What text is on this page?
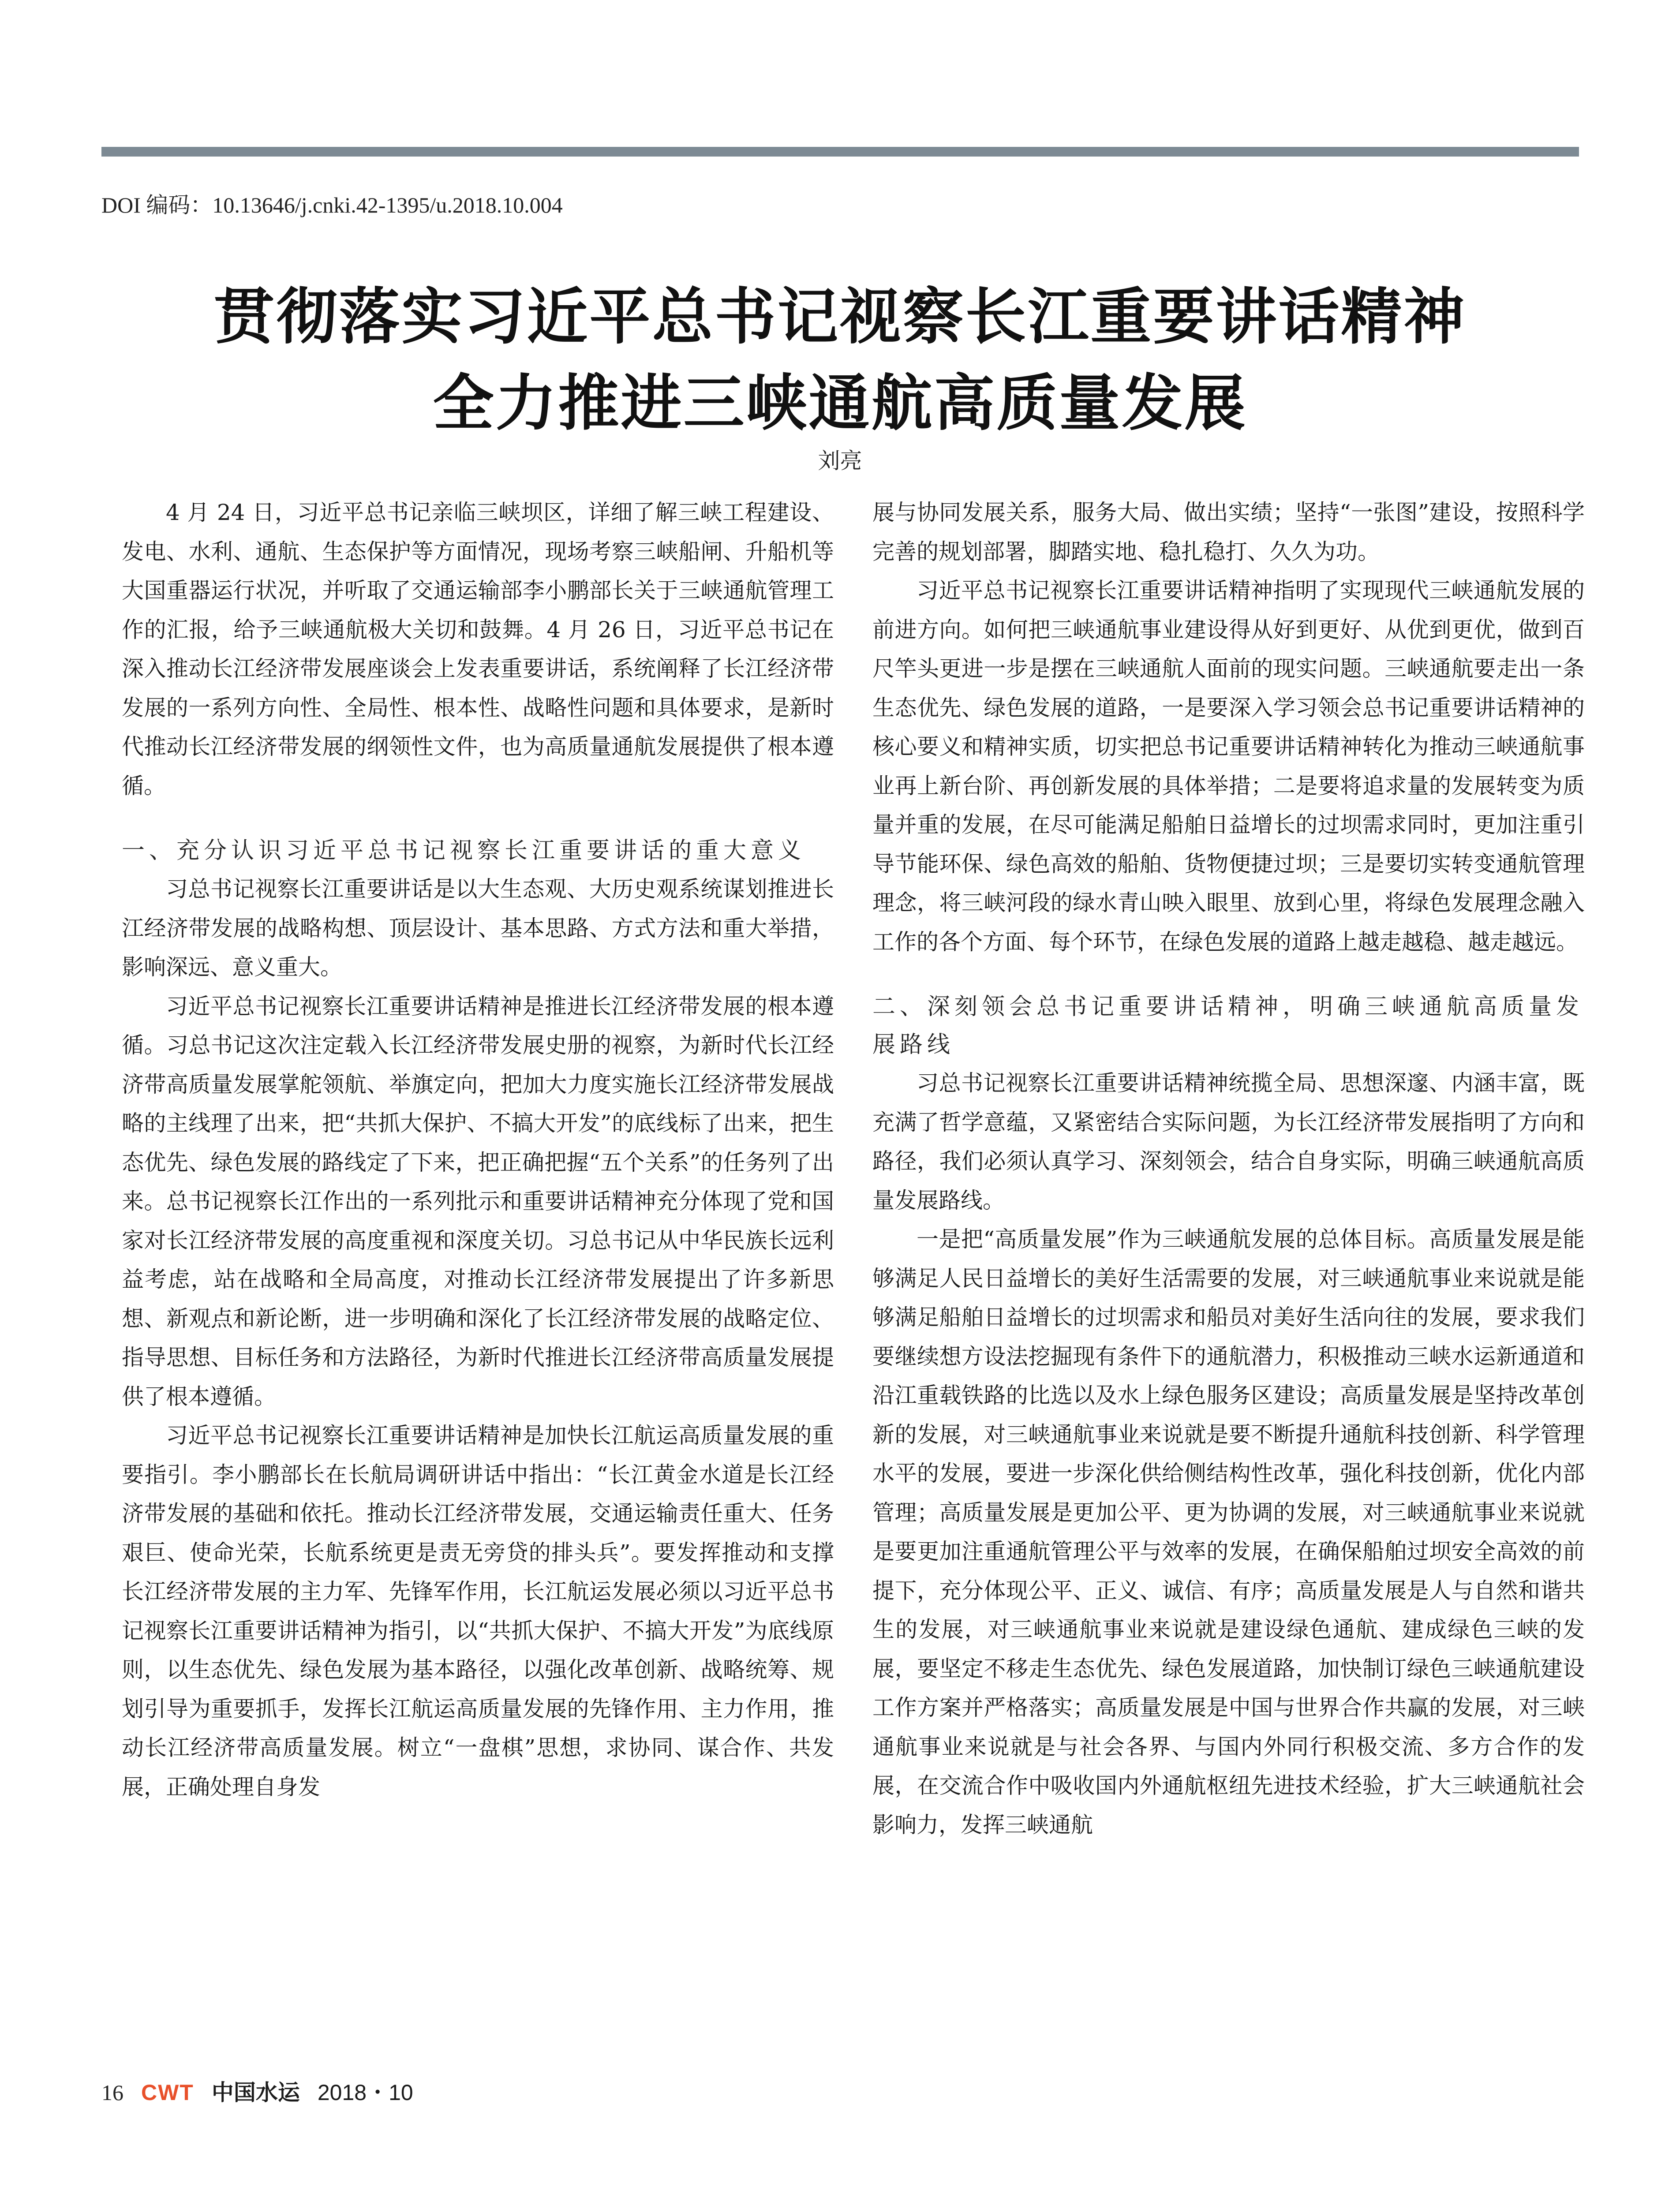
DOI 编码：10.13646/j.cnki.42-1395/u.2018.10.004
贯彻落实习近平总书记视察长江重要讲话精神
全力推进三峡通航高质量发展
刘亮

4 月 24 日，习近平总书记亲临三峡坝区，详细了解三峡工程建设、发电、水利、通航、生态保护等方面情况，现场考察三峡船闸、升船机等大国重器运行状况，并听取了交通运输部李小鹏部长关于三峡通航管理工作的汇报，给予三峡通航极大关切和鼓舞。4 月 26 日，习近平总书记在深入推动长江经济带发展座谈会上发表重要讲话，系统阐释了长江经济带发展的一系列方向性、全局性、根本性、战略性问题和具体要求，是新时代推动长江经济带发展的纲领性文件，也为高质量通航发展提供了根本遵循。

一、充分认识习近平总书记视察长江重要讲话的重大意义

习总书记视察长江重要讲话是以大生态观、大历史观系统谋划推进长江经济带发展的战略构想、顶层设计、基本思路、方式方法和重大举措，影响深远、意义重大。

习近平总书记视察长江重要讲话精神是推进长江经济带发展的根本遵循。习总书记这次注定载入长江经济带发展史册的视察，为新时代长江经济带高质量发展掌舵领航、举旗定向，把加大力度实施长江经济带发展战略的主线理了出来，把“共抓大保护、不搞大开发”的底线标了出来，把生态优先、绿色发展的路线定了下来，把正确把握“五个关系”的任务列了出来。总书记视察长江作出的一系列批示和重要讲话精神充分体现了党和国家对长江经济带发展的高度重视和深度关切。习总书记从中华民族长远利益考虑，站在战略和全局高度，对推动长江经济带发展提出了许多新思想、新观点和新论断，进一步明确和深化了长江经济带发展的战略定位、指导思想、目标任务和方法路径，为新时代推进长江经济带高质量发展提供了根本遵循。

习近平总书记视察长江重要讲话精神是加快长江航运高质量发展的重要指引。李小鹏部长在长航局调研讲话中指出：“长江黄金水道是长江经济带发展的基础和依托。推动长江经济带发展，交通运输责任重大、任务艰巨、使命光荣，长航系统更是责无旁贷的排头兵”。要发挥推动和支撑长江经济带发展的主力军、先锋军作用，长江航运发展必须以习近平总书记视察长江重要讲话精神为指引，以“共抓大保护、不搞大开发”为底线原则，以生态优先、绿色发展为基本路径，以强化改革创新、战略统筹、规划引导为重要抓手，发挥长江航运高质量发展的先锋作用、主力作用，推动长江经济带高质量发展。树立“一盘棋”思想，求协同、谋合作、共发展，正确处理自身发

展与协同发展关系，服务大局、做出实绩；坚持“一张图”建设，按照科学完善的规划部署，脚踏实地、稳扎稳打、久久为功。

习近平总书记视察长江重要讲话精神指明了实现现代三峡通航发展的前进方向。如何把三峡通航事业建设得从好到更好、从优到更优，做到百尺竿头更进一步是摆在三峡通航人面前的现实问题。三峡通航要走出一条生态优先、绿色发展的道路，一是要深入学习领会总书记重要讲话精神的核心要义和精神实质，切实把总书记重要讲话精神转化为推动三峡通航事业再上新台阶、再创新发展的具体举措；二是要将追求量的发展转变为质量并重的发展，在尽可能满足船舶日益增长的过坝需求同时，更加注重引导节能环保、绿色高效的船舶、货物便捷过坝；三是要切实转变通航管理理念，将三峡河段的绿水青山映入眼里、放到心里，将绿色发展理念融入工作的各个方面、每个环节，在绿色发展的道路上越走越稳、越走越远。

二、深刻领会总书记重要讲话精神，明确三峡通航高质量发展路线

习总书记视察长江重要讲话精神统揽全局、思想深邃、内涵丰富，既充满了哲学意蕴，又紧密结合实际问题，为长江经济带发展指明了方向和路径，我们必须认真学习、深刻领会，结合自身实际，明确三峡通航高质量发展路线。

一是把“高质量发展”作为三峡通航发展的总体目标。高质量发展是能够满足人民日益增长的美好生活需要的发展，对三峡通航事业来说就是能够满足船舶日益增长的过坝需求和船员对美好生活向往的发展，要求我们要继续想方设法挖掘现有条件下的通航潜力，积极推动三峡水运新通道和沿江重载铁路的比选以及水上绿色服务区建设；高质量发展是坚持改革创新的发展，对三峡通航事业来说就是要不断提升通航科技创新、科学管理水平的发展，要进一步深化供给侧结构性改革，强化科技创新，优化内部管理；高质量发展是更加公平、更为协调的发展，对三峡通航事业来说就是要更加注重通航管理公平与效率的发展，在确保船舶过坝安全高效的前提下，充分体现公平、正义、诚信、有序；高质量发展是人与自然和谐共生的发展，对三峡通航事业来说就是建设绿色通航、建成绿色三峡的发展，要坚定不移走生态优先、绿色发展道路，加快制订绿色三峡通航建设工作方案并严格落实；高质量发展是中国与世界合作共赢的发展，对三峡通航事业来说就是与社会各界、与国内外同行积极交流、多方合作的发展，在交流合作中吸收国内外通航枢纽先进技术经验，扩大三峡通航社会影响力，发挥三峡通航

16 CWT 中国水运 2018・10
